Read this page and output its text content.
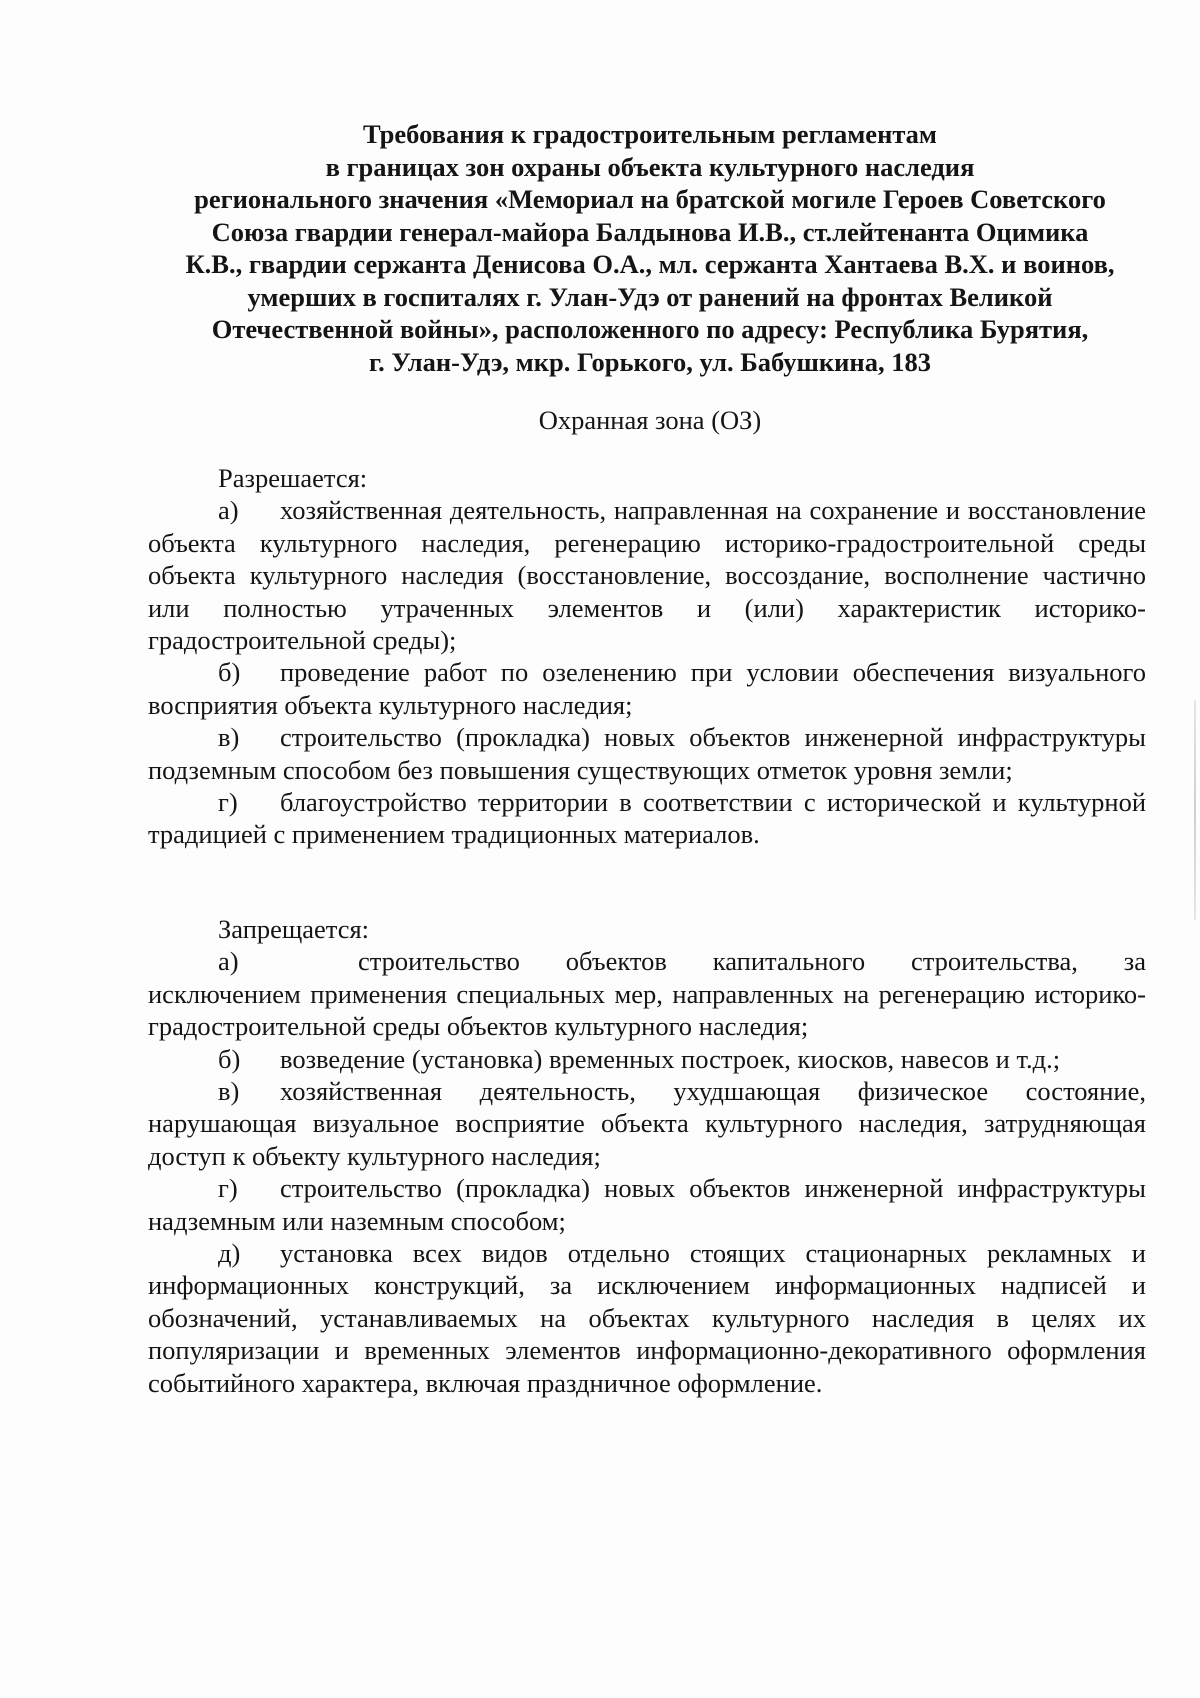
Требования к градостроительным регламентам
в границах зон охраны объекта культурного наследия
регионального значения «Мемориал на братской могиле Героев Советского
Союза гвардии генерал-майора Балдынова И.В., ст.лейтенанта Оцимика
К.В., гвардии сержанта Денисова О.А., мл. сержанта Хантаева В.Х. и воинов,
умерших в госпиталях г. Улан-Удэ от ранений на фронтах Великой
Отечественной войны», расположенного по адресу: Республика Бурятия,
г. Улан-Удэ, мкр. Горького, ул. Бабушкина, 183
Охранная зона (ОЗ)
Разрешается:

а) хозяйственная деятельность, направленная на сохранение и восстановление объекта культурного наследия, регенерацию историко-градостроительной среды объекта культурного наследия (восстановление, воссоздание, восполнение частично или полностью утраченных элементов и (или) характеристик историко-градостроительной среды);

б) проведение работ по озеленению при условии обеспечения визуального восприятия объекта культурного наследия;

в) строительство (прокладка) новых объектов инженерной инфраструктуры подземным способом без повышения существующих отметок уровня земли;

г) благоустройство территории в соответствии с исторической и культурной традицией с применением традиционных материалов.

Запрещается:

а)	строительство объектов капитального строительства, за исключением применения специальных мер, направленных на регенерацию историко-градостроительной среды объектов культурного наследия;

б) возведение (установка) временных построек, киосков, навесов и т.д.;

в) хозяйственная деятельность, ухудшающая физическое состояние, нарушающая визуальное восприятие объекта культурного наследия, затрудняющая доступ к объекту культурного наследия;

г) строительство (прокладка) новых объектов инженерной инфраструктуры надземным или наземным способом;

д) установка всех видов отдельно стоящих стационарных рекламных и информационных конструкций, за исключением информационных надписей и обозначений, устанавливаемых на объектах культурного наследия в целях их популяризации и временных элементов информационно-декоративного оформления событийного характера, включая праздничное оформление.
